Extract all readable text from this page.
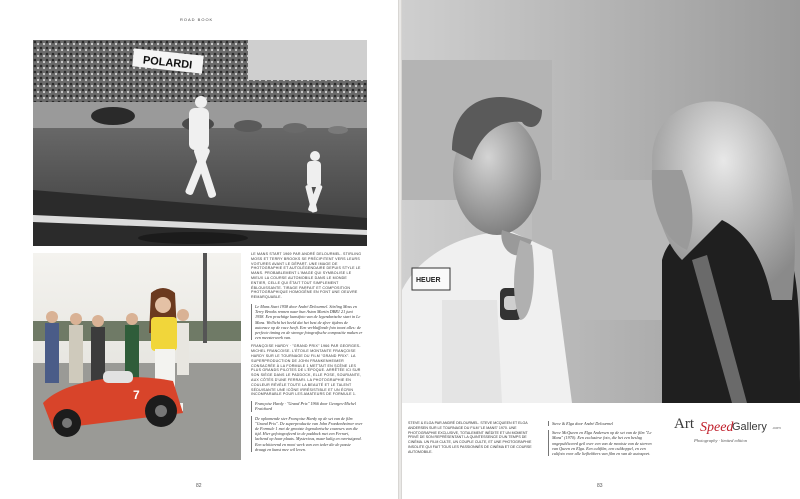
ROAD BOOK
POLARDI
7

LE MANS START 1969 PAR ANDRÉ DELOURMEL. STIRLING MOSS ET TERRY BROOKS SE PRÉCIPITENT VERS LEURS VOITURES AVANT LE DÉPART. UNE IMAGE DE PHOTOGRAPHIE ET AUTOLÉGENDAIRE DEPUIS STYLE LE MANS. PROBABLEMENT L'IMAGE QUI SYMBOLISE LE MIEUX LA COURSE AUTOMOBILE DANS LE MONDE ENTIER, CELLE QUI ÉTAIT TOUT SIMPLEMENT ÉBLOUISSANTE. TIRAGE PARFAIT ET COMPOSITION PHOTOGRAPHIQUE HOMOGÈNE EN FONT UNE OEUVRE REMARQUABLE.

Le Mans Start 1958 door André Delourmel. Stirling Moss en Terry Brooks rennen naar hun Aston Martin DBR1 21 juni 1958. Een prachtige kunstfoto van de legendarische start in Le Mans. Wellicht het beeld dat het best de sfeer tijdens de autorace op de race heeft. Een verbluffende foto toont alles: de perfecte timing en de strenge fotografische compositie maken er een meesterwerk van.

FRANÇOISE HARDY · "GRAND PRIX" 1966 PAR GEORGES-MICHEL FRANCOISE. L'ÉTOILE MONTANTE FRANÇOISE HARDY SUR LE TOURNAGE DU FILM "GRAND PRIX". LA SUPERPRODUCTION DE JOHN FRANKENHEIMER CONSACRÉE À LA FORMULE 1 METTAIT EN SCÈNE LES PLUS GRANDS PILOTES DE L'ÉPOQUE. ARRÊTÉE ICI SUR SON SIÈGE DANS LE PADDOCK, ELLE POSE, SOURIANTE, AUX CÔTÉS D'UNE FERRARI. LA PHOTOGRAPHIE EN COULEUR RÉVÈLE TOUTE LA BEAUTÉ ET LE TALENT SÉDUISANTE UNE ICÔNE IRRÉSISTIBLE ET UN ÉCRIN INCOMPARABLE POUR LES AMATEURS DE FORMULE 1.

Françoise Hardy · "Grand Prix" 1966 door Georges-Michel Fraichard

De opkomende ster Françoise Hardy op de set van de film "Grand Prix". De superproductie van John Frankenheimer over de Formule 1 met de grootste legendarische coureurs van die tijd. Hier gefotografeerd in de paddock met een Ferrari, lachend op haar plaats. Mysterieus, maar kalig en overtuigend. Een schitterend en mooi werk van een ieder die de passie draagt en kunst mee wil leven.

82
HEUER
STEVE & ELGA PAR ANDRÉ DELOURMEL. STEVE MCQUEEN ET ELGA ANDERSEN SUR LE TOURNAGE DU FILM "LE MANS" 1970. UNE PHOTOGRAPHIE EXCLUSIVE, TOTALEMENT INÉDITE ET UN MOMENT PRIVÉ DE SON REPRÉSENTANT LA QUINTESSENCE D'UN TEMPS DE CINÉMA. UN FILM CULTE, UN COUPLE CULTE, ET UNE PHOTOGRAPHIE INSOLITE QUI FAIT TOUS LES PASSIONNÉS DE CINÉMA ET DE COURSE AUTOMOBILE.

Steve & Elga door André Delourmel

Steve McQueen en Elga Andersen op de set van de film "Le Mans" (1970). Een exclusieve foto, die het een beslag ongepubliceerd geil over een van de mooiste van de sterren van Queen en Elga. Een cultfilm, een cultkoppel, en een cultfoto voor alle liefhebbers van film en van de autosport.

Art Speed
Gallery .com
Photography · limited edition
83
